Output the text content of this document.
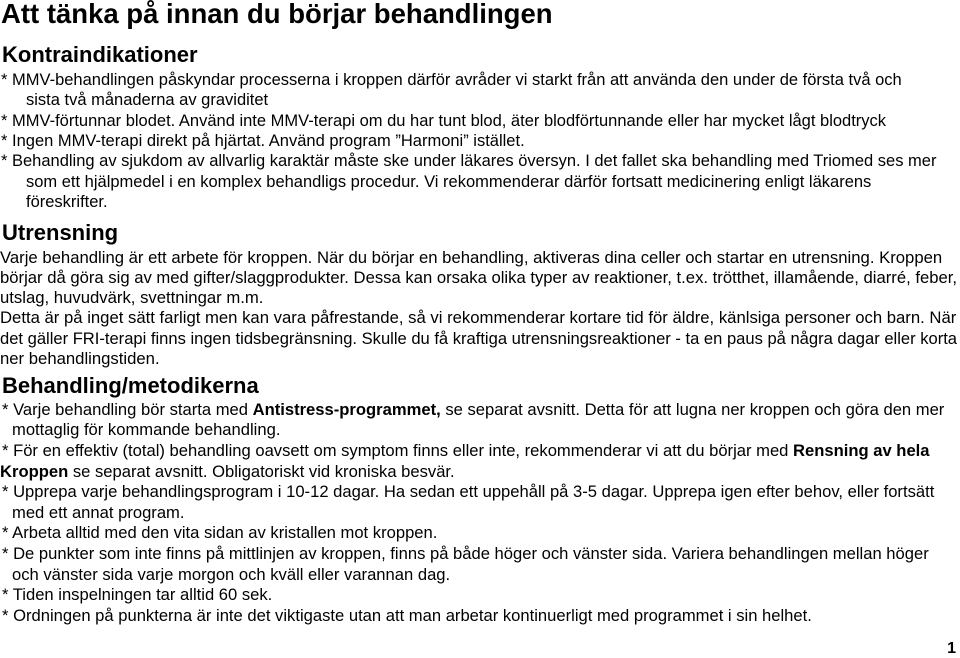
Att tänka på innan du börjar behandlingen
Kontraindikationer
* MMV-behandlingen påskyndar processerna i kroppen därför avråder vi starkt från att använda den under de första två och
sista två månaderna av graviditet
* MMV-förtunnar blodet. Använd inte MMV-terapi om du har tunt blod, äter blodförtunnande eller har mycket lågt blodtryck
* Ingen MMV-terapi direkt på hjärtat. Använd program ”Harmoni” istället.
* Behandling av sjukdom av allvarlig karaktär måste ske under läkares översyn. I det fallet ska behandling med Triomed ses mer
som ett hjälpmedel i en komplex behandligs procedur. Vi rekommenderar därför fortsatt medicinering enligt läkarens
föreskrifter.
Utrensning
Varje behandling är ett arbete för kroppen. När du börjar en behandling, aktiveras dina celler och startar en utrensning. Kroppen
börjar då göra sig av med gifter/slaggprodukter. Dessa kan orsaka olika typer av reaktioner, t.ex. trötthet, illamående, diarré, feber,
utslag, huvudvärk, svettningar m.m.
Detta är på inget sätt farligt men kan vara påfrestande, så vi rekommenderar kortare tid för äldre, känlsiga personer och barn. När
det gäller FRI-terapi finns ingen tidsbegränsning. Skulle du få kraftiga utrensningsreaktioner - ta en paus på några dagar eller korta
ner behandlingstiden.
Behandling/metodikerna
* Varje behandling bör starta med Antistress-programmet, se separat avsnitt. Detta för att lugna ner kroppen och göra den mer
mottaglig för kommande behandling.
* För en effektiv (total) behandling oavsett om symptom finns eller inte, rekommenderar vi att du börjar med Rensning av hela
Kroppen se separat avsnitt. Obligatoriskt vid kroniska besvär.
* Upprepa varje behandlingsprogram i 10-12 dagar. Ha sedan ett uppehåll på 3-5 dagar. Upprepa igen efter behov, eller fortsätt
med ett annat program.
* Arbeta alltid med den vita sidan av kristallen mot kroppen.
* De punkter som inte finns på mittlinjen av kroppen, finns på både höger och vänster sida. Variera behandlingen mellan höger
och vänster sida varje morgon och kväll eller varannan dag.
* Tiden inspelningen tar alltid 60 sek.
* Ordningen på punkterna är inte det viktigaste utan att man arbetar kontinuerligt med programmet i sin helhet.
1
